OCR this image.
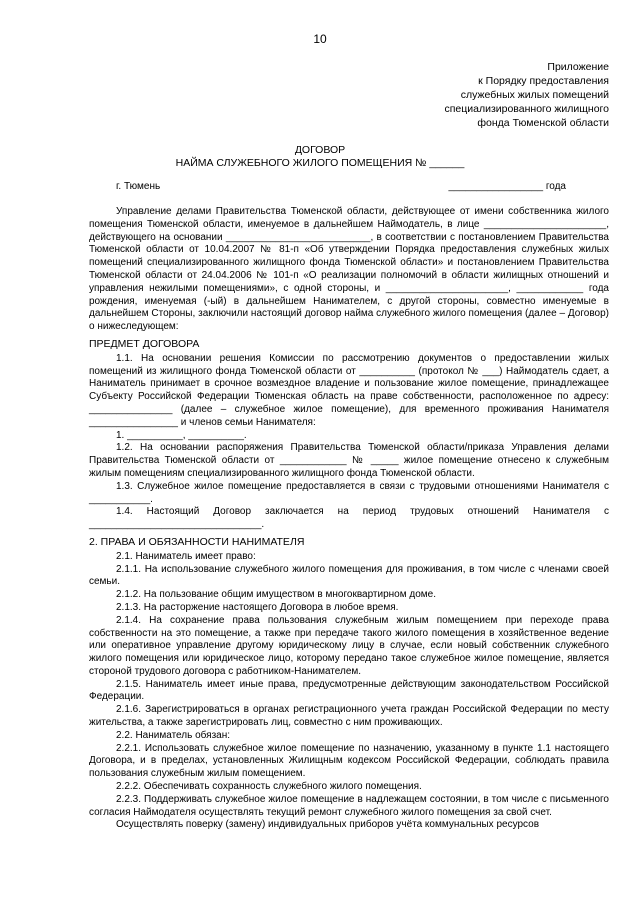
10
Приложение
к Порядку предоставления
служебных жилых помещений
специализированного жилищного
фонда Тюменской области
ДОГОВОР
НАЙМА СЛУЖЕБНОГО ЖИЛОГО ПОМЕЩЕНИЯ № ______
г. Тюмень	_________________ года

Управление делами Правительства Тюменской области, действующее от имени собственника жилого помещения Тюменской области, именуемое в дальнейшем Наймодатель, в лице ______________________, действующего на основании __________________________, в соответствии с постановлением Правительства Тюменской области от 10.04.2007 № 81-п «Об утверждении Порядка предоставления служебных жилых помещений специализированного жилищного фонда Тюменской области» и постановлением Правительства Тюменской области от 24.04.2006 № 101-п «О реализации полномочий в области жилищных отношений и управления нежилыми помещениями», с одной стороны, и ______________________, ____________ года рождения, именуемая (-ый) в дальнейшем Нанимателем, с другой стороны, совместно именуемые в дальнейшем Стороны, заключили настоящий договор найма служебного жилого помещения (далее – Договор) о нижеследующем:

ПРЕДМЕТ ДОГОВОРА

1.1. На основании решения Комиссии по рассмотрению документов о предоставлении жилых помещений из жилищного фонда Тюменской области от __________ (протокол № ___) Наймодатель сдает, а Наниматель принимает в срочное возмездное владение и пользование жилое помещение, принадлежащее Субъекту Российской Федерации Тюменская область на праве собственности, расположенное по адресу: _______________ (далее – служебное жилое помещение), для временного проживания Нанимателя ________________ и членов семьи Нанимателя:

1. __________, __________.

1.2. На основании распоряжения Правительства Тюменской области/приказа Управления делами Правительства Тюменской области от ____________ № _____ жилое помещение отнесено к служебным жилым помещениям специализированного жилищного фонда Тюменской области.

1.3. Служебное жилое помещение предоставляется в связи с трудовыми отношениями Нанимателя с ___________.

1.4. Настоящий Договор заключается на период трудовых отношений Нанимателя с _______________________________.

2. ПРАВА И ОБЯЗАННОСТИ НАНИМАТЕЛЯ

2.1. Наниматель имеет право:

2.1.1. На использование служебного жилого помещения для проживания, в том числе с членами своей семьи.

2.1.2. На пользование общим имуществом в многоквартирном доме.

2.1.3. На расторжение настоящего Договора в любое время.

2.1.4. На сохранение права пользования служебным жилым помещением при переходе права собственности на это помещение, а также при передаче такого жилого помещения в хозяйственное ведение или оперативное управление другому юридическому лицу в случае, если новый собственник служебного жилого помещения или юридическое лицо, которому передано такое служебное жилое помещение, является стороной трудового договора с работником-Нанимателем.

2.1.5. Наниматель имеет иные права, предусмотренные действующим законодательством Российской Федерации.

2.1.6. Зарегистрироваться в органах регистрационного учета граждан Российской Федерации по месту жительства, а также зарегистрировать лиц, совместно с ним проживающих.

2.2. Наниматель обязан:

2.2.1. Использовать служебное жилое помещение по назначению, указанному в пункте 1.1 настоящего Договора, и в пределах, установленных Жилищным кодексом Российской Федерации, соблюдать правила пользования служебным жилым помещением.

2.2.2. Обеспечивать сохранность служебного жилого помещения.

2.2.3. Поддерживать служебное жилое помещение в надлежащем состоянии, в том числе с письменного согласия Наймодателя осуществлять текущий ремонт служебного жилого помещения за свой счет.

Осуществлять поверку (замену) индивидуальных приборов учёта коммунальных ресурсов
